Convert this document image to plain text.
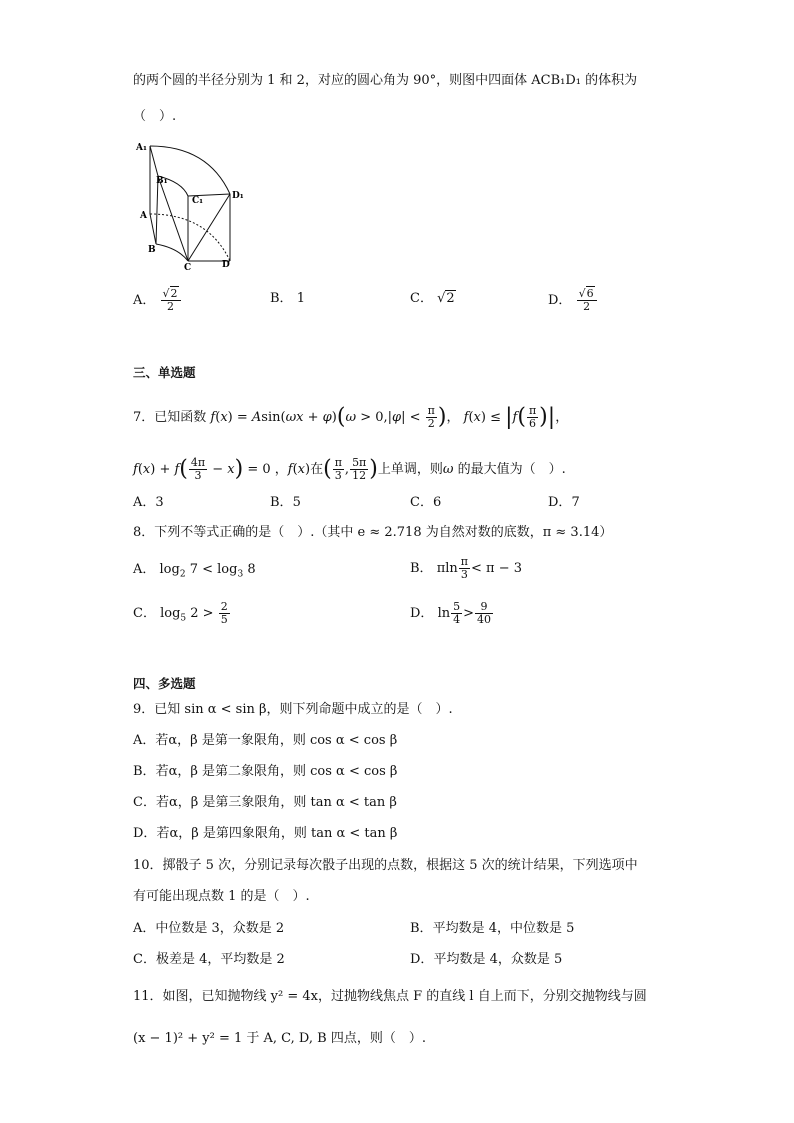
的两个圆的半径分别为 1 和 2，对应的圆心角为 90°，则图中四面体 ACB₁D₁ 的体积为
（　）.
A₁
B₁
C₁	D₁
A
B
C	D
A． $\frac{√2}{2}$	B． 1	C． √2	D． $\frac{√6}{2}$
三、单选题
7．已知函数 $f(x) = Asin(\omega x + \varphi)(\omega > 0,|\varphi| < \frac{\pi}{2}$ )， $f(x) \le |f( \frac{\pi}{6}$ )|，
$f(x) + f( \frac{4\pi}{3} - x) = 0$ ，f(x)在( $\frac{\pi}{3}$ , $\frac{5\pi}{12}$ )上单调，则ω 的最大值为（　）.
A．3	B．5	C．6	D．7
8．下列不等式正确的是（　）.（其中 e ≈ 2.718 为自然对数的底数，π ≈ 3.14）
A． $\log_2 7 < \log_3 8$	B． πln $\frac{\pi}{3} < \pi - 3$
C． $\log_5 2 > \frac{2}{5}$	D． $\ln \frac{5}{4} > \frac{9}{40}$
四、多选题
9．已知 sin α < sin β，则下列命题中成立的是（　）.
A．若α，β 是第一象限角，则 cos α < cos β
B．若α，β 是第二象限角，则 cos α < cos β
C．若α，β 是第三象限角，则 tan α < tan β
D．若α，β 是第四象限角，则 tan α < tan β
10．掷骰子 5 次，分别记录每次骰子出现的点数，根据这 5 次的统计结果，下列选项中
有可能出现点数 1 的是（　）.
A．中位数是 3，众数是 2	B．平均数是 4，中位数是 5
C．极差是 4，平均数是 2	D．平均数是 4，众数是 5
11．如图，已知抛物线 y² = 4x，过抛物线焦点 F 的直线 l 自上而下，分别交抛物线与圆
(x − 1)² + y² = 1 于 A, C, D, B 四点，则（　）.
